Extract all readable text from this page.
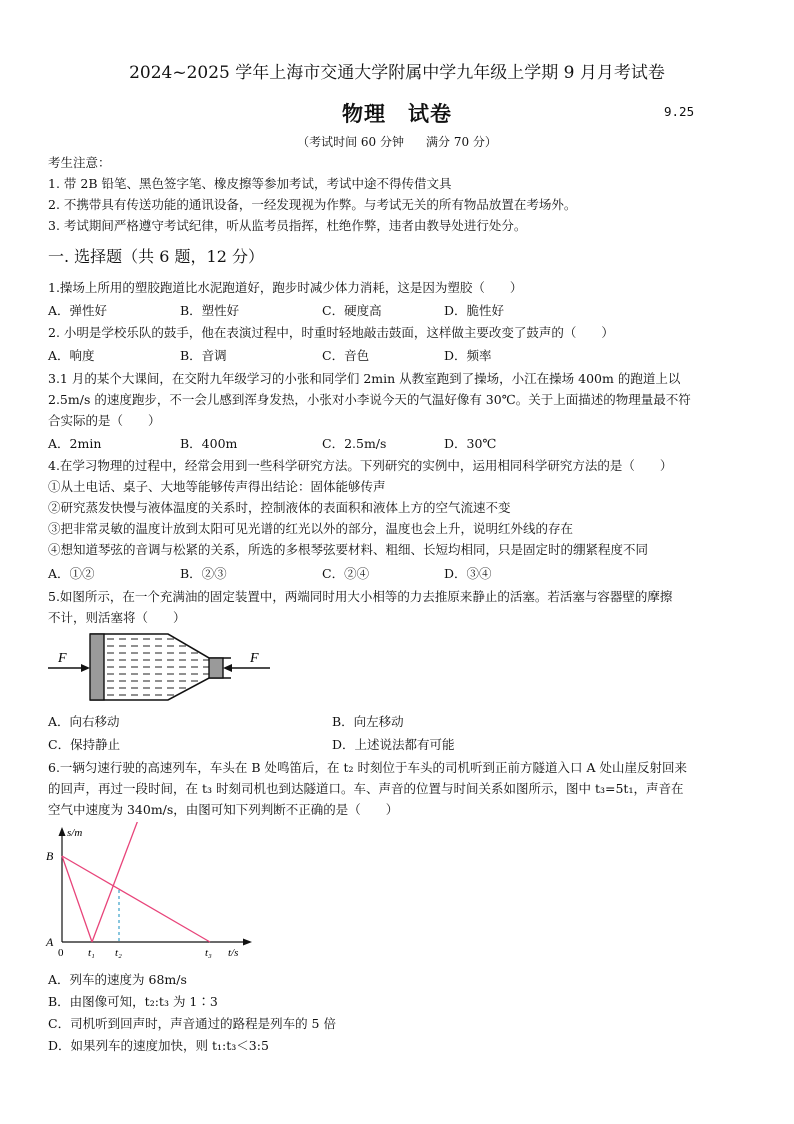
2024~2025 学年上海市交通大学附属中学九年级上学期 9 月月考试卷
物理 试卷	9.25
（考试时间 60 分钟 满分 70 分）
考生注意：
1. 带 2B 铅笔、黑色签字笔、橡皮擦等参加考试，考试中途不得传借文具
2. 不携带具有传送功能的通讯设备，一经发现视为作弊。与考试无关的所有物品放置在考场外。
3. 考试期间严格遵守考试纪律，听从监考员指挥，杜绝作弊，违者由教导处进行处分。
一. 选择题（共 6 题，12 分）
1.操场上所用的塑胶跑道比水泥跑道好，跑步时减少体力消耗，这是因为塑胶（　　）
A．弹性好	B．塑性好	C．硬度高	D．脆性好
2. 小明是学校乐队的鼓手，他在表演过程中，时重时轻地敲击鼓面，这样做主要改变了鼓声的（　　）
A．响度	B．音调	C．音色	D．频率
3.1 月的某个大课间，在交附九年级学习的小张和同学们 2min 从教室跑到了操场，小江在操场 400m 的跑道上以
2.5m/s 的速度跑步，不一会儿感到浑身发热，小张对小李说今天的气温好像有 30℃。关于上面描述的物理量最不符
合实际的是（　　）
A．2min	B．400m	C．2.5m/s	D．30℃
4.在学习物理的过程中，经常会用到一些科学研究方法。下列研究的实例中，运用相同科学研究方法的是（　　）
①从土电话、桌子、大地等能够传声得出结论：固体能够传声
②研究蒸发快慢与液体温度的关系时，控制液体的表面积和液体上方的空气流速不变
③把非常灵敏的温度计放到太阳可见光谱的红光以外的部分，温度也会上升，说明红外线的存在
④想知道琴弦的音调与松紧的关系，所选的多根琴弦要材料、粗细、长短均相同，只是固定时的绷紧程度不同
A．①②	B．②③	C．②④	D．③④
5.如图所示，在一个充满油的固定装置中，两端同时用大小相等的力去推原来静止的活塞。若活塞与容器壁的摩擦
不计，则活塞将（　　）
F	F
A．向右移动	B．向左移动
C．保持静止	D．上述说法都有可能
6.一辆匀速行驶的高速列车，车头在 B 处鸣笛后，在 t₂ 时刻位于车头的司机听到正前方隧道入口 A 处山崖反射回来
的回声，再过一段时间，在 t₃ 时刻司机也到达隧道口。车、声音的位置与时间关系如图所示，图中 t₃=5t₁，声音在
空气中速度为 340m/s，由图可知下列判断不正确的是（　　）
s/m
t/s
B
A
0 t₁ t₂	t₃
A．列车的速度为 68m/s
B．由图像可知，t₂:t₃ 为 1∶3
C．司机听到回声时，声音通过的路程是列车的 5 倍
D．如果列车的速度加快，则 t₁:t₃＜3:5
